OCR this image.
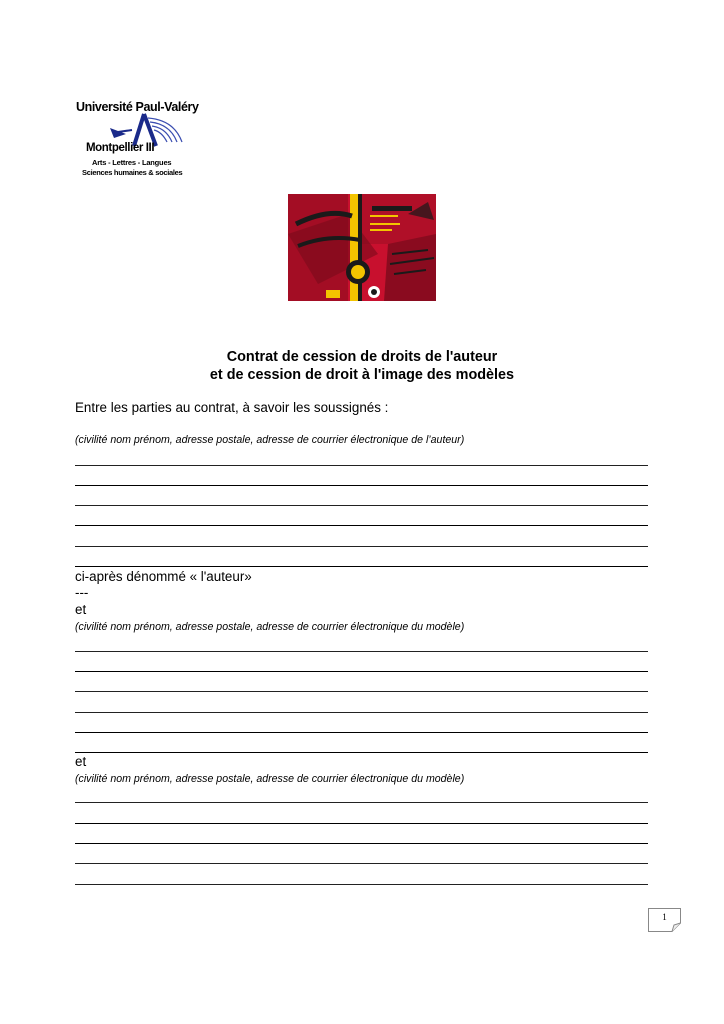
Université Paul-Valéry
Montpellier III
Arts - Lettres - Langues
Sciences humaines & sociales
Contrat de cession de droits de l'auteur
et de cession de droit à l'image des modèles
Entre les parties au contrat, à savoir les soussignés :
(civilité nom prénom, adresse postale, adresse de courrier électronique de l’auteur)
ci-après dénommé « l'auteur»
---
et
(civilité nom prénom, adresse postale, adresse de courrier électronique du modèle)
et
(civilité nom prénom, adresse postale, adresse de courrier électronique du modèle)
1
